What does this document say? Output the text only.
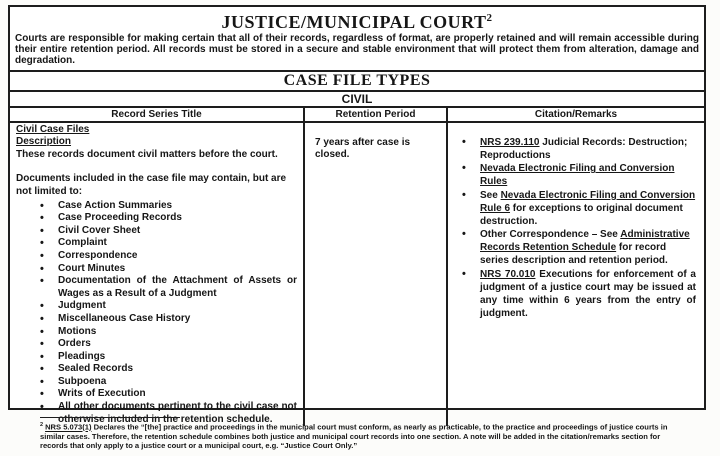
JUSTICE/MUNICIPAL COURT$^2$

Courts are responsible for making certain that all of their records, regardless of format, are properly retained and will remain accessible during their entire retention period. All records must be stored in a secure and stable environment that will protect them from alteration, damage and degradation.

CASE FILE TYPES
CIVIL
Record Series Title	Retention Period	Citation/Remarks
Civil Case Files
Description
These records document civil matters before the court.
Documents included in the case file may contain, but are not limited to:
• Case Action Summaries
• Case Proceeding Records
• Civil Cover Sheet
• Complaint
• Correspondence
• Court Minutes
• Documentation of the Attachment of Assets or Wages as a Result of a Judgment
• Judgment
• Miscellaneous Case History
• Motions
• Orders
• Pleadings
• Sealed Records
• Subpoena
• Writs of Execution
• All other documents pertinent to the civil case not otherwise included in the retention schedule.
7 years after case is closed.
• NRS 239.110 Judicial Records: Destruction; Reproductions
• Nevada Electronic Filing and Conversion Rules
• See Nevada Electronic Filing and Conversion Rule 6 for exceptions to original document destruction.
• Other Correspondence – See Administrative Records Retention Schedule for record series description and retention period.
• NRS 70.010 Executions for enforcement of a judgment of a justice court may be issued at any time within 6 years from the entry of judgment.

$^2$ NRS 5.073(1) Declares the “[the] practice and proceedings in the municipal court must conform, as nearly as practicable, to the practice and proceedings of justice courts in similar cases. Therefore, the retention schedule combines both justice and municipal court records into one section. A note will be added in the citation/remarks section for records that only apply to a justice court or a municipal court, e.g. “Justice Court Only.”
